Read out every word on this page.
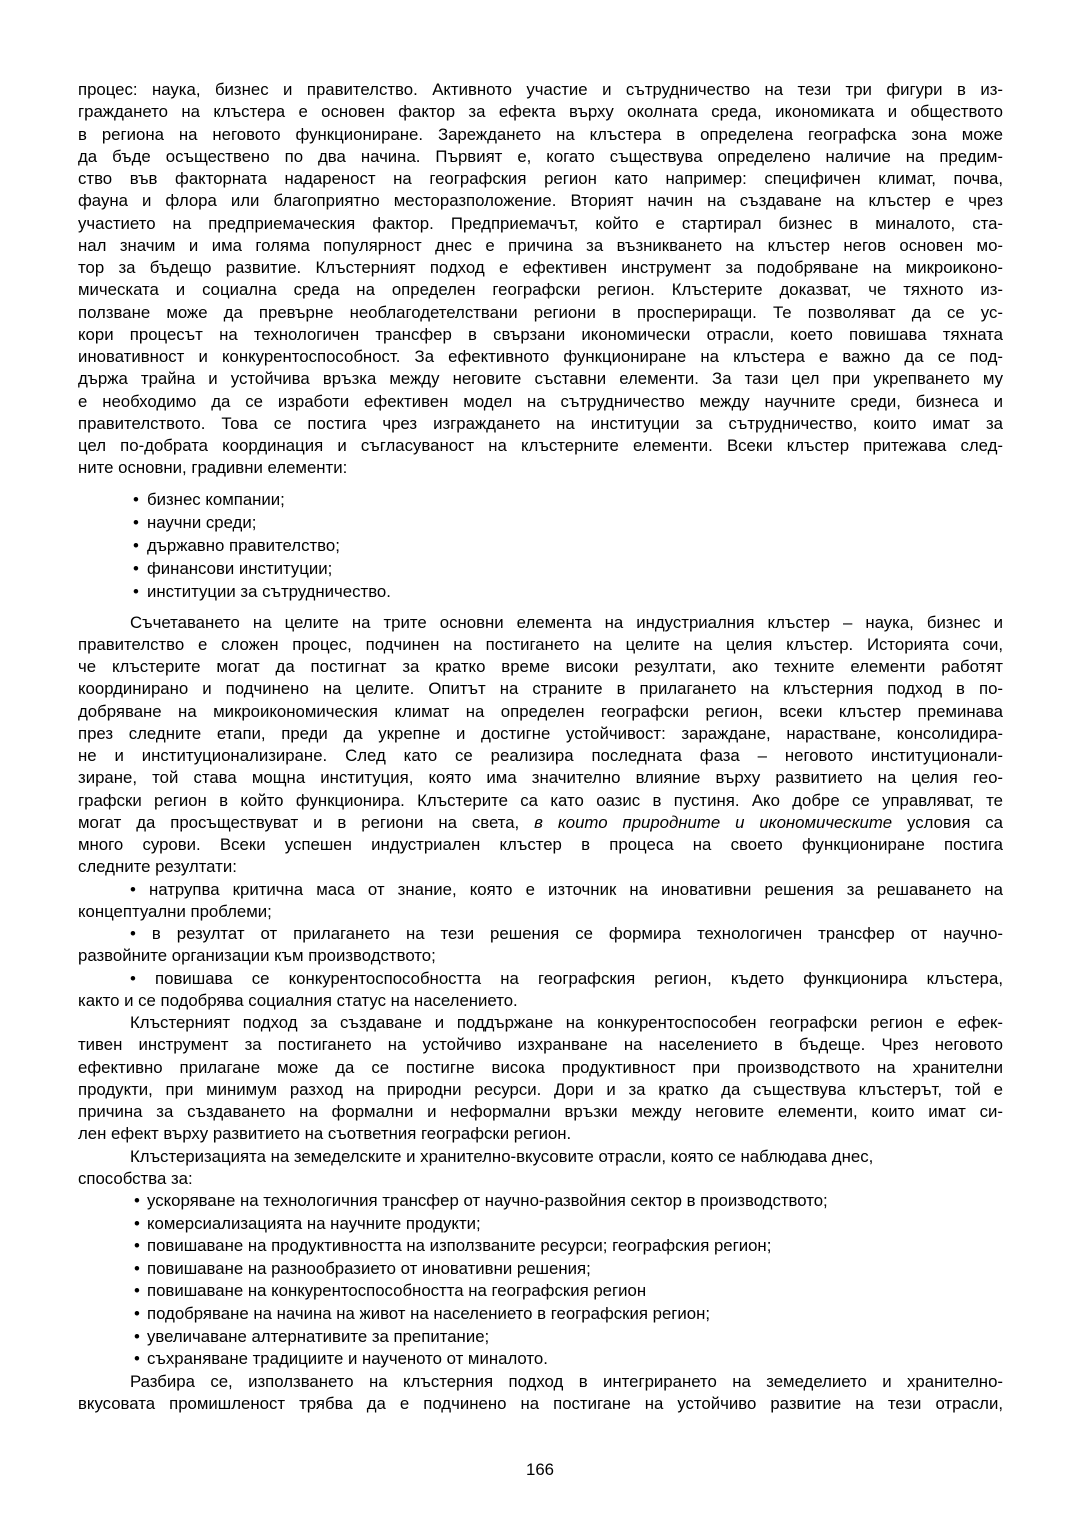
процес: наука, бизнес и правителство. Активното участие и сътрудничество на тези три фигури в из-
граждането на клъстера е основен фактор за ефекта върху околната среда, икономиката и обществото
в региона на неговото функциониране. Зареждането на клъстера в определена географска зона може
да бъде осъществено по два начина. Първият е, когато съществува определено наличие на предим-
ство във факторната надареност на географския регион като например: специфичен климат, почва,
фауна и флора или благоприятно месторазположение. Вторият начин на създаване на клъстер е чрез
участието на предприемаческия фактор. Предприемачът, който е стартирал бизнес в миналото, ста-
нал значим и има голяма популярност днес е причина за възникването на клъстер негов основен мо-
тор за бъдещо развитие. Клъстерният подход е ефективен инструмент за подобряване на микроиконо-
мическата и социална среда на определен географски регион. Клъстерите доказват, че тяхното из-
ползване може да превърне необлагодетелствани региони в проспериращи. Те позволяват да се ус-
кори процесът на технологичен трансфер в свързани икономически отрасли, което повишава тяхната
иновативност и конкурентоспособност. За ефективното функциониране на клъстера е важно да се под-
държа трайна и устойчива връзка между неговите съставни елементи. За тази цел при укрепването му
е необходимо да се изработи ефективен модел на сътрудничество между научните среди, бизнеса и
правителството. Това се постига чрез изграждането на институции за сътрудничество, които имат за
цел по-добрата координация и съгласуваност на клъстерните елементи. Всеки клъстер притежава след-
ните основни, градивни елементи:
• бизнес компании;
• научни среди;
• държавно правителство;
• финансови институции;
• институции за сътрудничество.
Съчетаването на целите на трите основни елемента на индустриалния клъстер – наука, бизнес и
правителство е сложен процес, подчинен на постигането на целите на целия клъстер. Историята сочи,
че клъстерите могат да постигнат за кратко време високи резултати, ако техните елементи работят
координирано и подчинено на целите. Опитът на страните в прилагането на клъстерния подход в по-
добряване на микроикономическия климат на определен географски регион, всеки клъстер преминава
през следните етапи, преди да укрепне и достигне устойчивост: зараждане, нарастване, консолидира-
не и институционализиране. След като се реализира последната фаза – неговото институционали-
зиране, той става мощна институция, която има значително влияние върху развитието на целия гео-
графски регион в който функционира. Клъстерите са като оазис в пустиня. Ако добре се управляват, те
могат да просъществуват и в региони на света, в които природните и икономическите условия са
много сурови. Всеки успешен индустриален клъстер в процеса на своето функциониране постига
следните резултати:
• натрупва критична маса от знание, която е източник на иновативни решения за решаването на
концептуални проблеми;
• в резултат от прилагането на тези решения се формира технологичен трансфер от научно-
развойните организации към производството;
• повишава се конкурентоспособността на географския регион, където функционира клъстера,
както и се подобрява социалния статус на населението.
Клъстерният подход за създаване и поддържане на конкурентоспособен географски регион е ефек-
тивен инструмент за постигането на устойчиво изхранване на населението в бъдеще. Чрез неговото
ефективно прилагане може да се постигне висока продуктивност при производството на хранителни
продукти, при минимум разход на природни ресурси. Дори и за кратко да съществува клъстерът, той е
причина за създаването на формални и неформални връзки между неговите елементи, които имат си-
лен ефект върху развитието на съответния географски регион.
Клъстеризацията на земеделските и хранително-вкусовите отрасли, която се наблюдава днес,
способства за:
• ускоряване на технологичния трансфер от научно-развойния сектор в производството;
• комерсиализацията на научните продукти;
• повишаване на продуктивността на използваните ресурси; географския регион;
• повишаване на разнообразието от иновативни решения;
• повишаване на конкурентоспособността на географския регион
• подобряване на начина на живот на населението в географския регион;
• увеличаване алтернативите за препитание;
• съхраняване традициите и наученото от миналото.
Разбира се, използването на клъстерния подход в интегрирането на земеделието и хранително-
вкусовата промишленост трябва да е подчинено на постигане на устойчиво развитие на тези отрасли,
166
